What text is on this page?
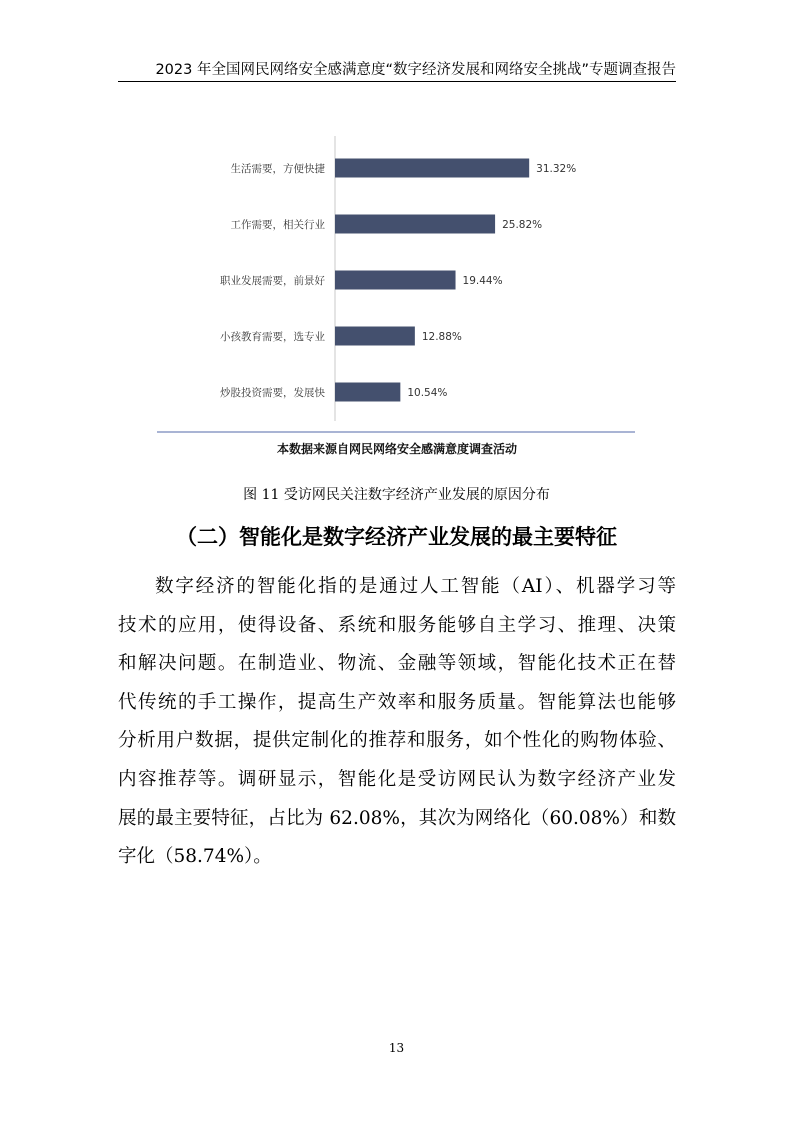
2023 年全国网民网络安全感满意度“数字经济发展和网络安全挑战”专题调查报告
本数据来源自网民网络安全感满意度调查活动
生活需要，方便快捷	31.32%
工作需要，相关行业	25.82%
职业发展需要，前景好	19.44%
小孩教育需要，选专业	12.88%
炒股投资需要，发展快	10.54%
图 11 受访网民关注数字经济产业发展的原因分布
（二）智能化是数字经济产业发展的最主要特征
数字经济的智能化指的是通过人工智能（AI）、机器学习等
技术的应用，使得设备、系统和服务能够自主学习、推理、决策
和解决问题。在制造业、物流、金融等领域，智能化技术正在替
代传统的手工操作，提高生产效率和服务质量。智能算法也能够
分析用户数据，提供定制化的推荐和服务，如个性化的购物体验、
内容推荐等。调研显示，智能化是受访网民认为数字经济产业发
展的最主要特征，占比为 62.08%，其次为网络化（60.08%）和数
字化（58.74%）。
13
